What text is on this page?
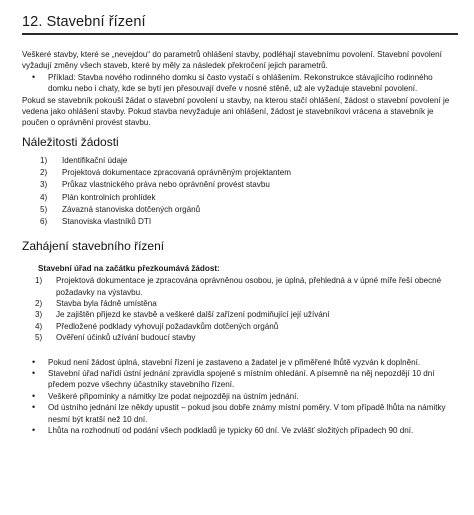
12. Stavební řízení

Veškeré stavby, které se „nevejdou“ do parametrů ohlášení stavby, podléhají stavebnímu povolení. Stavební povolení vyžadují změny všech staveb, které by měly za následek překročení jejich parametrů.

• Příklad: Stavba nového rodinného domku si často vystačí s ohlášením. Rekonstrukce stávajícího rodinného domku nebo i chaty, kde se bytí jen přesouvají dveře v nosné stěně, už ale vyžaduje stavební povolení.

Pokud se stavebník pokouší žádat o stavební povolení u stavby, na kterou stačí ohlášení, žádost o stavební povolení je vedena jako ohlášení stavby. Pokud stavba nevyžaduje ani ohlášení, žádost je stavebníkovi vrácena a stavebník je poučen o oprávnění provést stavbu.

Náležitosti žádosti
1) Identifikační údaje
2) Projektová dokumentace zpracovaná oprávněným projektantem
3) Průkaz vlastnického práva nebo oprávnění provést stavbu
4) Plán kontrolních prohlídek
5) Závazná stanoviska dotčených orgánů
6) Stanoviska vlastníků DTI
Zahájení stavebního řízení
Stavební úřad na začátku přezkoumává žádost:
1) Projektová dokumentace je zpracována oprávněnou osobou, je úplná, přehledná a v úpné míře řeší obecné požadavky na výstavbu.
2) Stavba byla řádně umístěna
3) Je zajištěn přijezd ke stavbě a veškeré další zařízení podmiňující její užívání
4) Předložené podklady vyhovují požadavkům dotčených orgánů
5) Ověření účinků užívání budoucí stavby
• Pokud není žádost úplná, stavební řízení je zastaveno a žadatel je v přiměřené lhůtě vyzván k doplnění.
• Stavební úřad nařídí ústní jednání zpravidla spojené s místním ohledání. A písemně na něj nepozdějí 10 dní předem pozve všechny účastníky stavebního řízení.
• Veškeré připomínky a námitky lze podat nejpozději na ústním jednání.
• Od ústního jednání lze někdy upustit – pokud jsou dobře známy místní poměry. V tom případě lhůta na námitky nesmí být kratší než 10 dní.
• Lhůta na rozhodnutí od podání všech podkladů je typicky 60 dní. Ve zvlášť složitých případech 90 dní.
